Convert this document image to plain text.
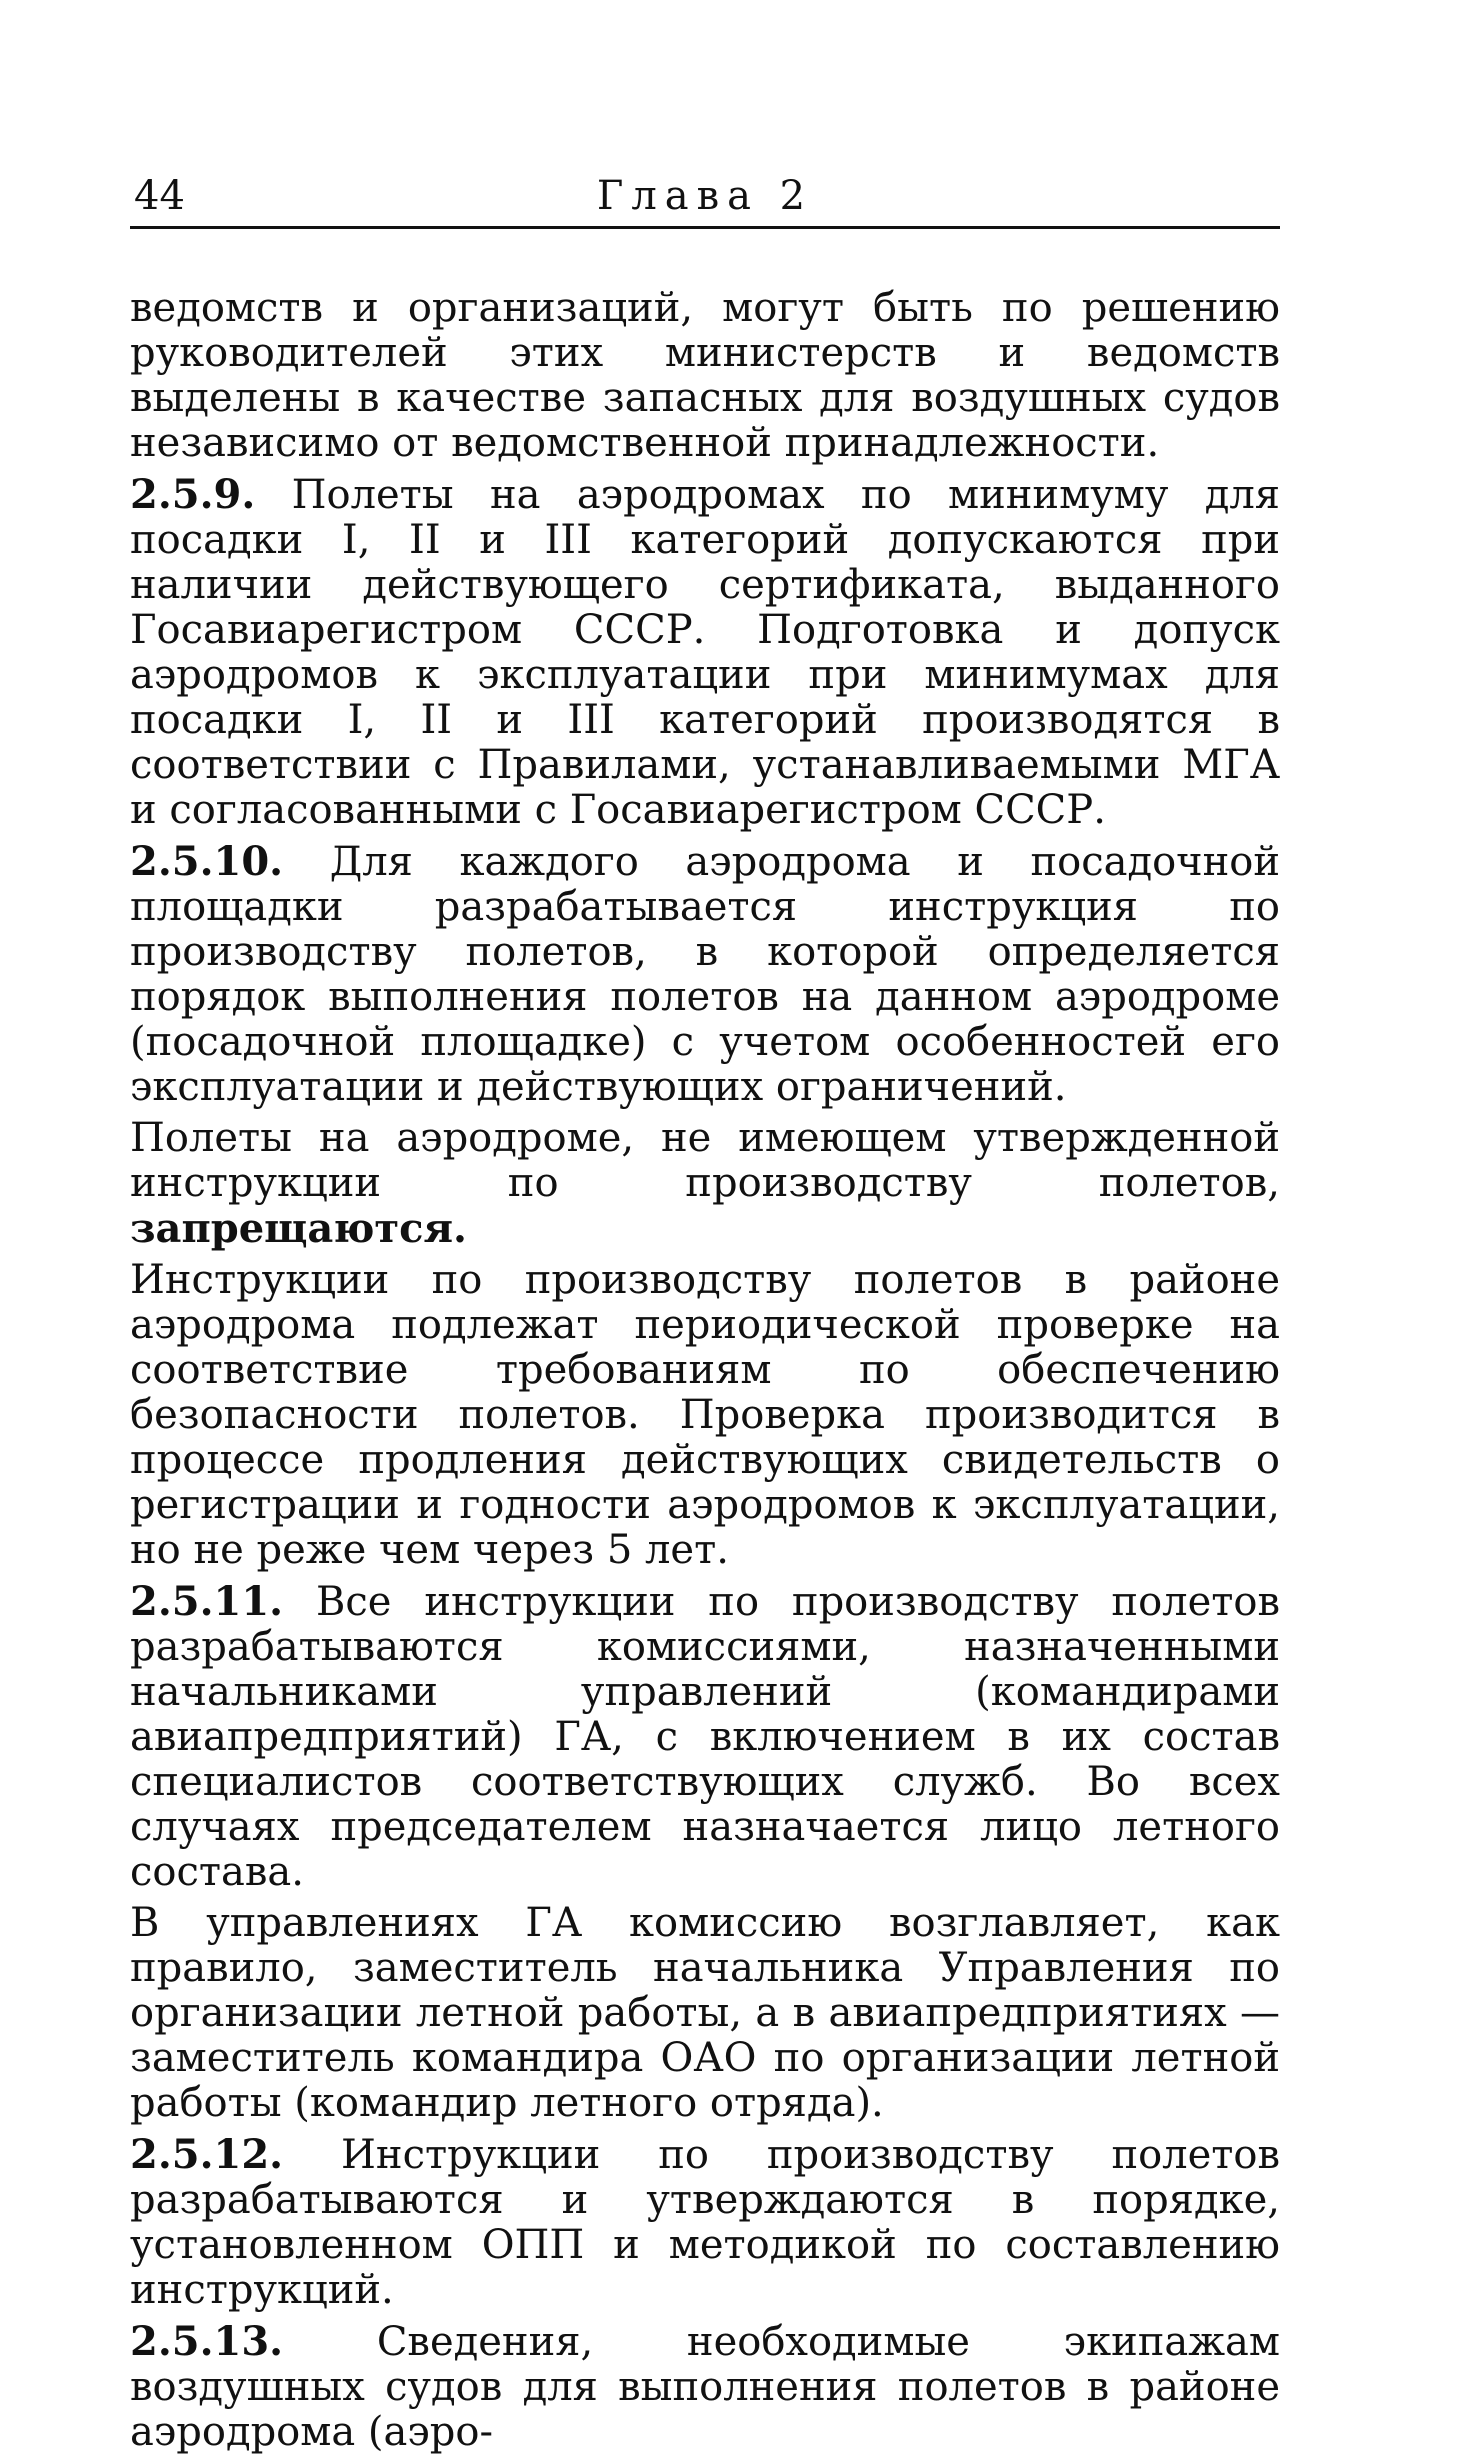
44	Глава 2

ведомств и организаций, могут быть по решению руководителей этих министерств и ведомств выделены в качестве запасных для воздушных судов независимо от ведомственной принадлежности.

2.5.9. Полеты на аэродромах по минимуму для посадки I, II и III категорий допускаются при наличии действующего сертификата, выданного Госавиарегистром СССР. Подготовка и допуск аэродромов к эксплуатации при минимумах для посадки I, II и III категорий производятся в соответствии с Правилами, устанавливаемыми МГА и согласованными с Госавиарегистром СССР.

2.5.10. Для каждого аэродрома и посадочной площадки разрабатывается инструкция по производству полетов, в которой определяется порядок выполнения полетов на данном аэродроме (посадочной площадке) с учетом особенностей его эксплуатации и действующих ограничений.

Полеты на аэродроме, не имеющем утвержденной инструкции по производству полетов, запрещаются.

Инструкции по производству полетов в районе аэродрома подлежат периодической проверке на соответствие требованиям по обеспечению безопасности полетов. Проверка производится в процессе продления действующих свидетельств о регистрации и годности аэродромов к эксплуатации, но не реже чем через 5 лет.

2.5.11. Все инструкции по производству полетов разрабатываются комиссиями, назначенными начальниками управлений (командирами авиапредприятий) ГА, с включением в их состав специалистов соответствующих служб. Во всех случаях председателем назначается лицо летного состава.

В управлениях ГА комиссию возглавляет, как правило, заместитель начальника Управления по организации летной работы, а в авиапредприятиях — заместитель командира ОАО по организации летной работы (командир летного отряда).

2.5.12. Инструкции по производству полетов разрабатываются и утверждаются в порядке, установленном ОПП и методикой по составлению инструкций.

2.5.13. Сведения, необходимые экипажам воздушных судов для выполнения полетов в районе аэродрома (аэро-
